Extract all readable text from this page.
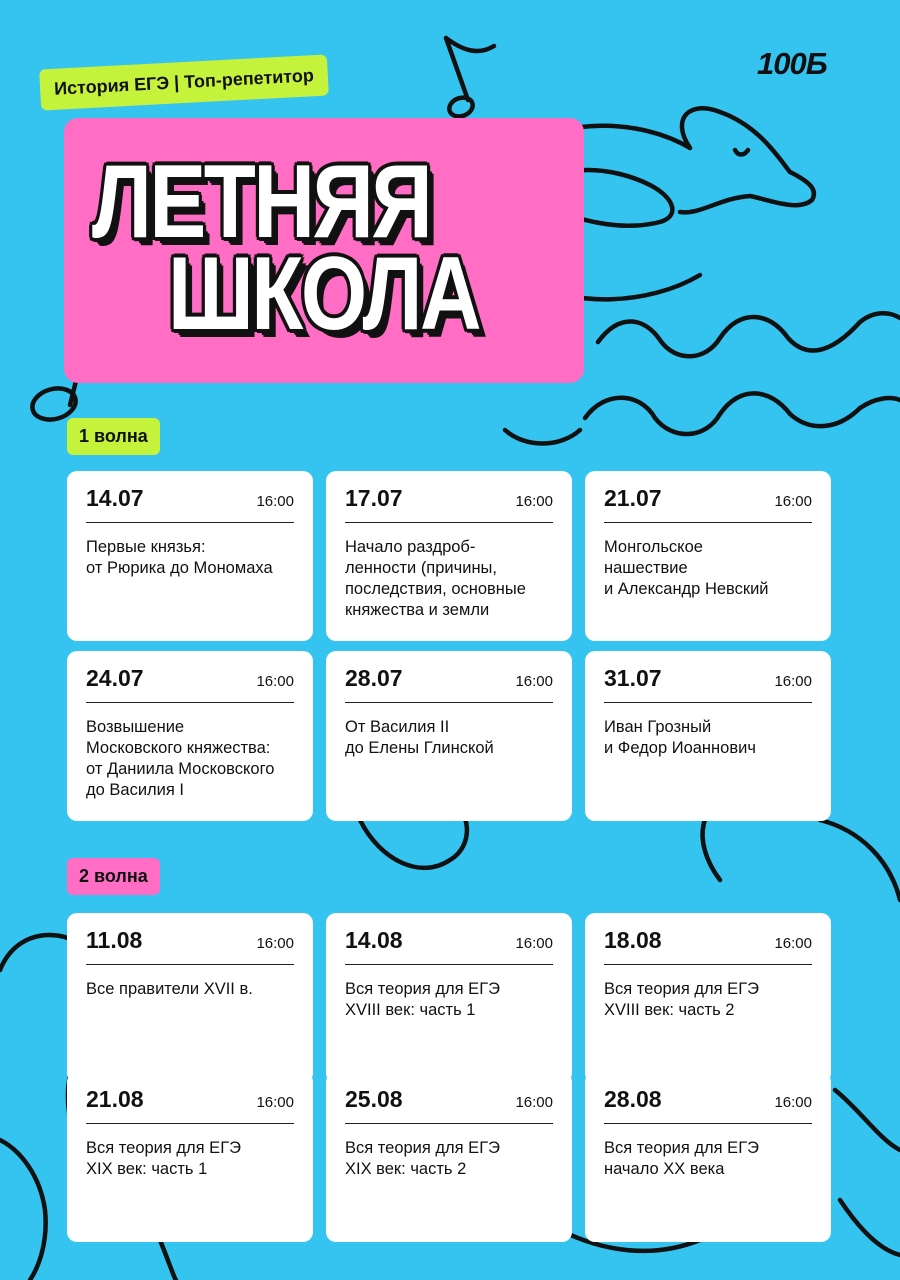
100Б
История ЕГЭ | Топ-репетитор
ЛЕТНЯЯ
ШКОЛА
1 волна
2 волна
14.07	16:00
Первые князья:
от Рюрика до Мономаха
17.07	16:00
Начало раздроб-
ленности (причины,
последствия, основные
княжества и земли
21.07	16:00
Монгольское
нашествие
и Александр Невский
24.07	16:00
Возвышение
Московского княжества:
от Даниила Московского
до Василия I
28.07	16:00
От Василия II
до Елены Глинской
31.07	16:00
Иван Грозный
и Федор Иоаннович
11.08	16:00
Все правители XVII в.
14.08	16:00
Вся теория для ЕГЭ
XVIII век: часть 1
18.08	16:00
Вся теория для ЕГЭ
XVIII век: часть 2
21.08	16:00
Вся теория для ЕГЭ
XIX век: часть 1
25.08	16:00
Вся теория для ЕГЭ
XIX век: часть 2
28.08	16:00
Вся теория для ЕГЭ
начало XX века
